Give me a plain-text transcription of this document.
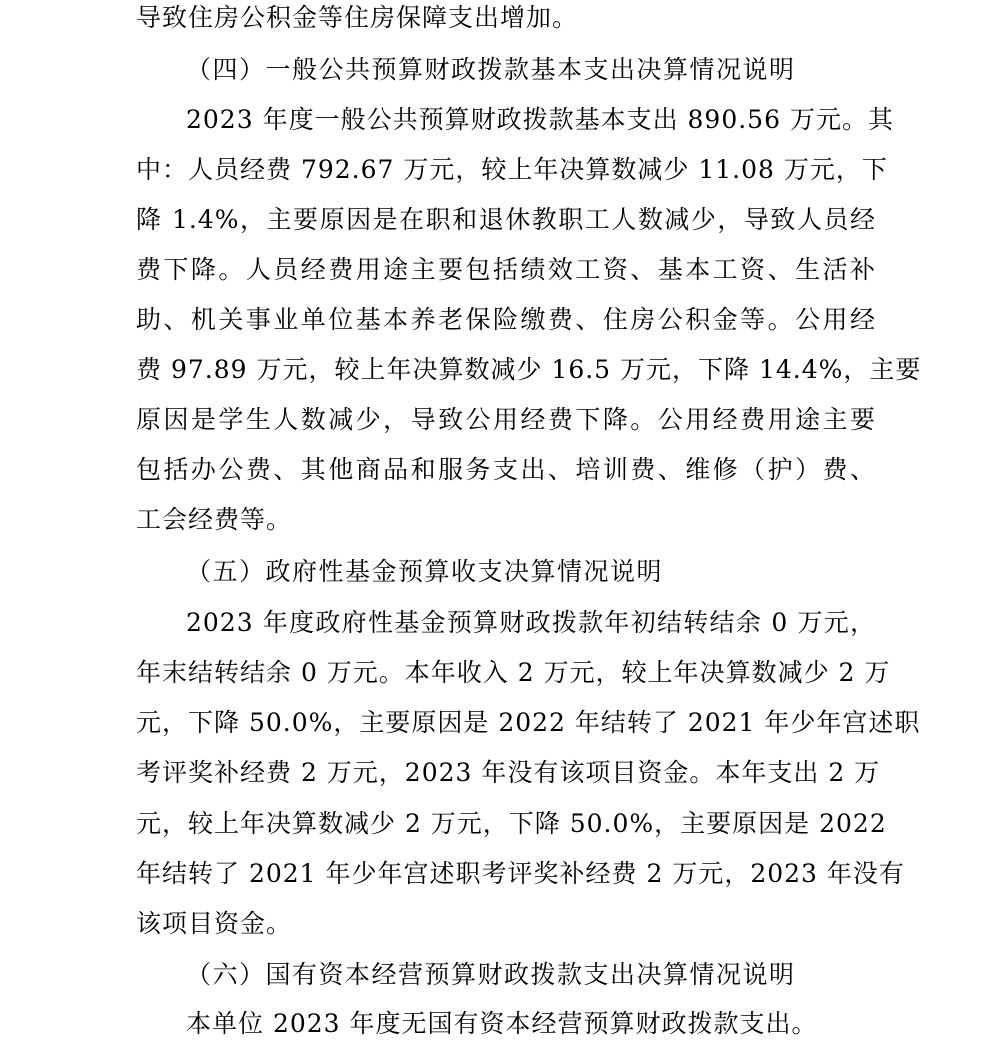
导致住房公积金等住房保障支出增加。
（四）一般公共预算财政拨款基本支出决算情况说明
2023 年度一般公共预算财政拨款基本支出 890.56 万元。其
中：人员经费 792.67 万元，较上年决算数减少 11.08 万元，下
降 1.4%，主要原因是在职和退休教职工人数减少，导致人员经
费下降。人员经费用途主要包括绩效工资、基本工资、生活补
助、机关事业单位基本养老保险缴费、住房公积金等。公用经
费 97.89 万元，较上年决算数减少 16.5 万元，下降 14.4%，主要
原因是学生人数减少，导致公用经费下降。公用经费用途主要
包括办公费、其他商品和服务支出、培训费、维修（护）费、
工会经费等。
（五）政府性基金预算收支决算情况说明
2023 年度政府性基金预算财政拨款年初结转结余 0 万元，
年末结转结余 0 万元。本年收入 2 万元，较上年决算数减少 2 万
元，下降 50.0%，主要原因是 2022 年结转了 2021 年少年宫述职
考评奖补经费 2 万元，2023 年没有该项目资金。本年支出 2 万
元，较上年决算数减少 2 万元，下降 50.0%，主要原因是 2022
年结转了 2021 年少年宫述职考评奖补经费 2 万元，2023 年没有
该项目资金。
（六）国有资本经营预算财政拨款支出决算情况说明
本单位 2023 年度无国有资本经营预算财政拨款支出。
